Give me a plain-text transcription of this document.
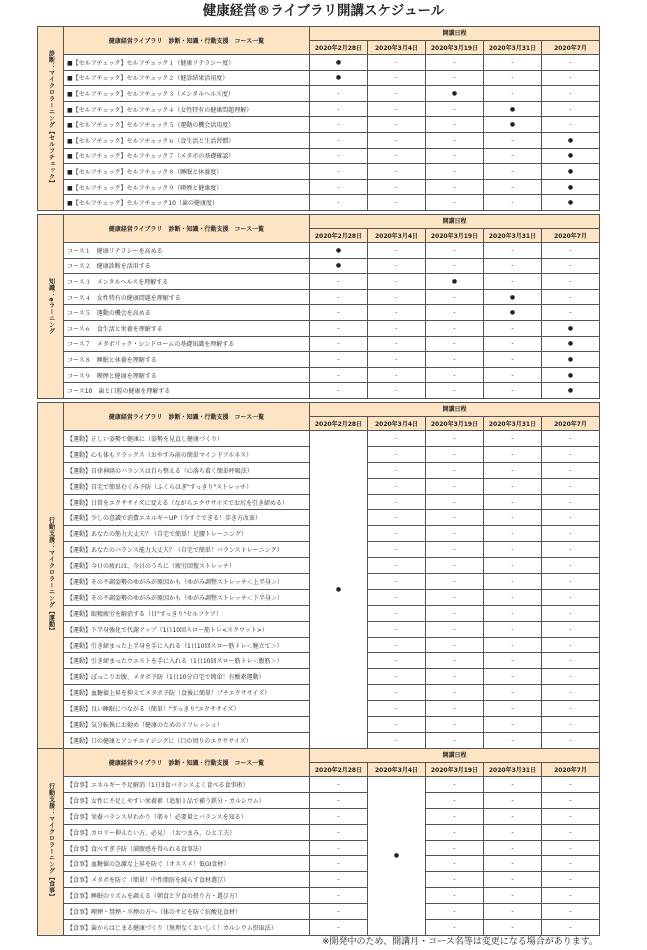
健康経営®ライブラリ開講スケジュール
診断：マイクロラーニング【セルフチェック】	健康経営ライブラリ　診断・知識・行動支援　コース一覧	開講日程				
		2020年2月28日	2020年3月4日	2020年3月19日	2020年3月31日	2020年7月
	■【セルフチェック】セルフチェック１（健康リテラシー度）	●	-	-	-	-
	■【セルフチェック】セルフチェック２（健診結果活用度）	●	-	-	-	-
	■【セルフチェック】セルフチェック３（メンタルヘルス度）	-	-	●	-	-
	■【セルフチェック】セルフチェック４（女性特有の健康問題理解）	-	-	-	●	-
	■【セルフチェック】セルフチェック５（運動の機会活用度）	-	-	-	●	-
	■【セルフチェック】セルフチェック６（食生活と生活習慣）	-	-	-	-	●
	■【セルフチェック】セルフチェック７（メタボの基礎確認）	-	-	-	-	●
	■【セルフチェック】セルフチェック８（睡眠と休養度）	-	-	-	-	●
	■【セルフチェック】セルフチェック９（喫煙と健康度）	-	-	-	-	●
	■【セルフチェック】セルフチェック10（歯の健康度）	-	-	-	-	●
知識：eラーニング	健康経営ライブラリ　診断・知識・行動支援　コース一覧	開講日程				
		2020年2月28日	2020年3月4日	2020年3月19日	2020年3月31日	2020年7月
	コース１　健康リテラシーを高める	●	-	-	-	-
	コース２　健康診断を活用する	●	-	-	-	-
	コース３　メンタルヘルスを理解する	-	-	●	-	-
	コース４　女性特有の健康問題を理解する	-	-	-	●	-
	コース５　運動の機会を高める	-	-	-	●	-
	コース６　食生活と栄養を理解する	-	-	-	-	●
	コース７　メタボリック・シンドロームの基礎知識を理解する	-	-	-	-	●
	コース８　睡眠と休養を理解する	-	-	-	-	●
	コース９　喫煙と健康を理解する	-	-	-	-	●
	コース10　歯と口腔の健康を理解する	-	-	-	-	●
行動支援：マイクロラーニング【運動】	健康経営ライブラリ　診断・知識・行動支援　コース一覧	開講日程				
		2020年2月28日	2020年3月4日	2020年3月19日	2020年3月31日	2020年7月
	【運動】正しい姿勢で健康に（姿勢を見直し健康づくり）	●	-	-	-	-
	【運動】心も体もリラックス（おやすみ前の簡単マインドフルネス）		-	-	-	-
	【運動】自律神経のバランスは自ら整える（心落ち着く簡単呼吸法）		-	-	-	-
	【運動】自宅で簡単むくみ予防（ふくらはぎ"すっきり"ストレッチ）		-	-	-	-
	【運動】日常をエクササイズに変える（ながらエクササイズでお尻を引き締める）		-	-	-	-
	【運動】少しの意識で消費エネルギーUP（今すぐできる！歩き方改革）		-	-	-	-
	【運動】あなたの筋力大丈夫？（自宅で簡単！足腰トレーニング）		-	-	-	-
	【運動】あなたのバランス能力大丈夫？（自宅で簡単！バランストレーニング）		-	-	-	-
	【運動】今日の疲れは、今日のうちに（疲労回復ストレッチ）		-	-	-	-
	【運動】その不調姿勢のゆがみが原因かも（ゆがみ調整ストレッチ＜上半身＞）		-	-	-	-
	【運動】その不調姿勢のゆがみが原因かも（ゆがみ調整ストレッチ＜下半身＞）		-	-	-	-
	【運動】眼精疲労を解消する（目"すっきり"セルフケア）		-	-	-	-
	【運動】下半身強化で代謝アップ（1日10回スロー筋トレ<スクワット>）		-	-	-	-
	【運動】引き締まった上半身を手に入れる（1日10回スロー筋トレ＜腕立て＞）		-	-	-	-
	【運動】引き締まったウエストを手に入れる（1日10回スロー筋トレ＜腹筋＞）		-	-	-	-
	【運動】ぽっこりお腹、メタボ予防（1日10分自宅で簡単！有酸素運動）		-	-	-	-
	【運動】血糖値上昇を抑えてメタボ予防（食後に簡単！プチエクササイズ）		-	-	-	-
	【運動】良い睡眠につながる（簡単！"すっきり"エクササイズ）		-	-	-	-
	【運動】気分転換にお勧め（健康のためのリフレッシュ）		-	-	-	-
	【運動】口の健康とアンチエイジングに（口の周りのエクササイズ）		-	-	-	-
行動支援：マイクロラーニング【食事】	健康経営ライブラリ　診断・知識・行動支援　コース一覧	開講日程				
		2020年2月28日	2020年3月4日	2020年3月19日	2020年3月31日	2020年7月
	【食事】エネルギー不足解消（1日3食バランスよく食べる食事術）	-	●	-	-	-
	【食事】女性に不足しやすい栄養素（追加１品で補う鉄分・カルシウム）	-		-	-	-
	【食事】栄養バランス早わかり（楽々！必要量とバランスを知る）	-		-	-	-
	【食事】カロリー抑えたい方、必見！（おつまみ、ひと工夫）	-		-	-	-
	【食事】食べすぎ予防（満腹感を得られる食事法）	-		-	-	-
	【食事】血糖値の急激な上昇を防ぐ（オススメ！低GI食材）	-		-	-	-
	【食事】メタボを防ぐ（簡単！中性脂肪を減らす食材選び）	-		-	-	-
	【食事】睡眠のリズムを調える（朝食と夕食の摂り方・選び方）	-		-	-	-
	【食事】喫煙・禁煙・卒煙の方へ（体のサビを防ぐ抗酸化食材）	-		-	-	-
	【食事】歯からはじまる健康づくり（無理なくおいしく！カルシウム摂取法）	-		-	-	-
※開発中のため、開講月・コース名等は変更になる場合があります。
